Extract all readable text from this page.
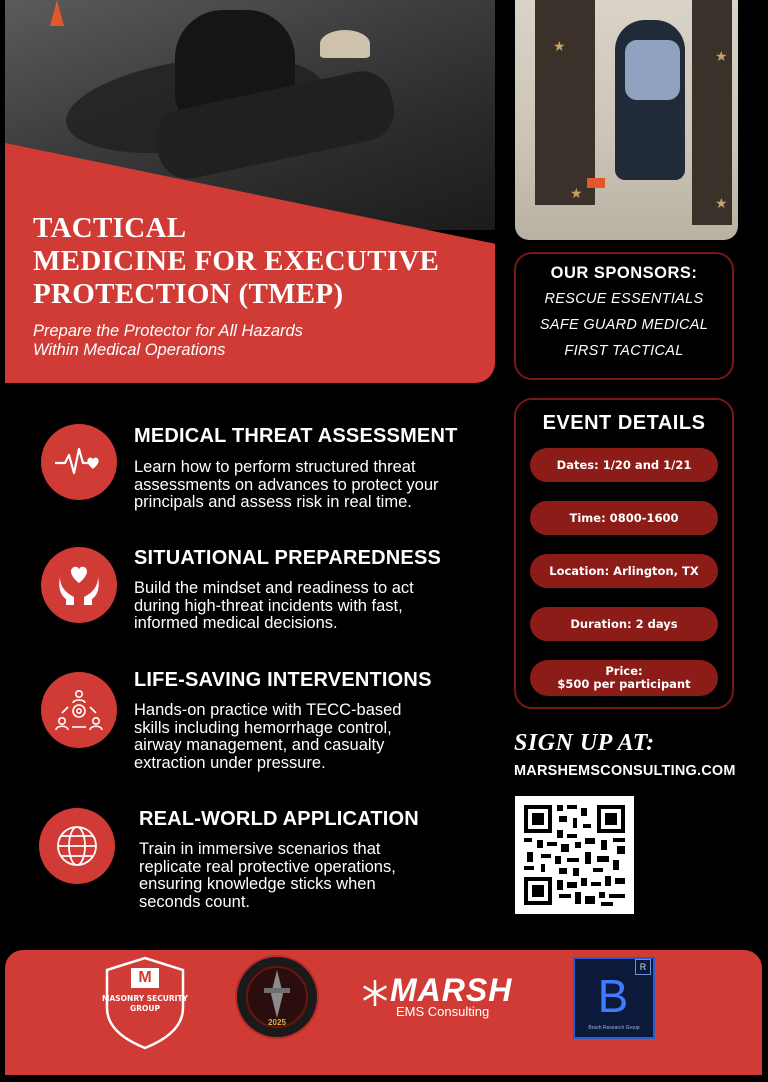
★
★
★
★
TACTICAL
MEDICINE FOR EXECUTIVE
PROTECTION (TMEP)
Prepare the Protector for All Hazards
Within Medical Operations
OUR SPONSORS:

RESCUE ESSENTIALS

SAFE GUARD MEDICAL

FIRST TACTICAL

EVENT DETAILS
Dates: 1/20 and 1/21
Time: 0800-1600
Location: Arlington, TX
Duration: 2 days
Price:
$500 per participant
MEDICAL THREAT ASSESSMENT
Learn how to perform structured threat
assessments on advances to protect your
principals and assess risk in real time.
SITUATIONAL PREPAREDNESS
Build the mindset and readiness to act
during high-threat incidents with fast,
informed medical decisions.
LIFE-SAVING INTERVENTIONS
Hands-on practice with TECC-based
skills including hemorrhage control,
airway management, and casualty
extraction under pressure.
REAL-WORLD APPLICATION
Train in immersive scenarios that
replicate real protective operations,
ensuring knowledge sticks when
seconds count.
SIGN UP AT:
MARSHEMSCONSULTING.COM
M
MASONRY SECURITY
GROUP
2025
MARSH
EMS Consulting
R
B
Brash Research Group
